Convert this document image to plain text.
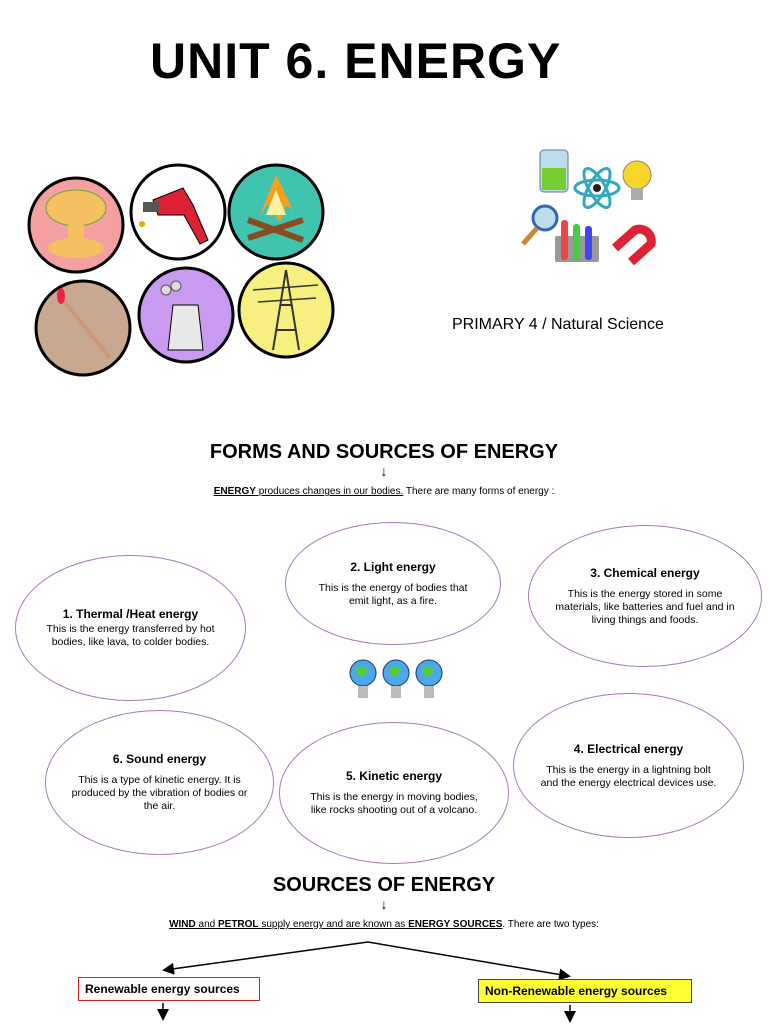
UNIT 6. ENERGY
PRIMARY 4 / Natural Science
FORMS AND SOURCES OF ENERGY
↓
ENERGY produces changes in our bodies. There are many forms of energy :
1. Thermal /Heat energy
This is the energy transferred by hot bodies, like lava, to colder bodies.
2. Light energy
This is the energy of bodies that emit light, as a fire.
3. Chemical energy
This is the energy stored in some materials, like batteries and fuel and in living things and foods.
4. Electrical energy
This is the energy in a lightning bolt and the energy electrical devices use.
5. Kinetic energy
This is the energy in moving bodies, like rocks shooting out of a volcano.
6. Sound energy
This is a type of kinetic energy. It is produced by the vibration of bodies or the air.
SOURCES OF ENERGY
↓
WIND and PETROL supply energy and are known as ENERGY SOURCES. There are two types:
Renewable energy sources	Non-Renewable energy sources
